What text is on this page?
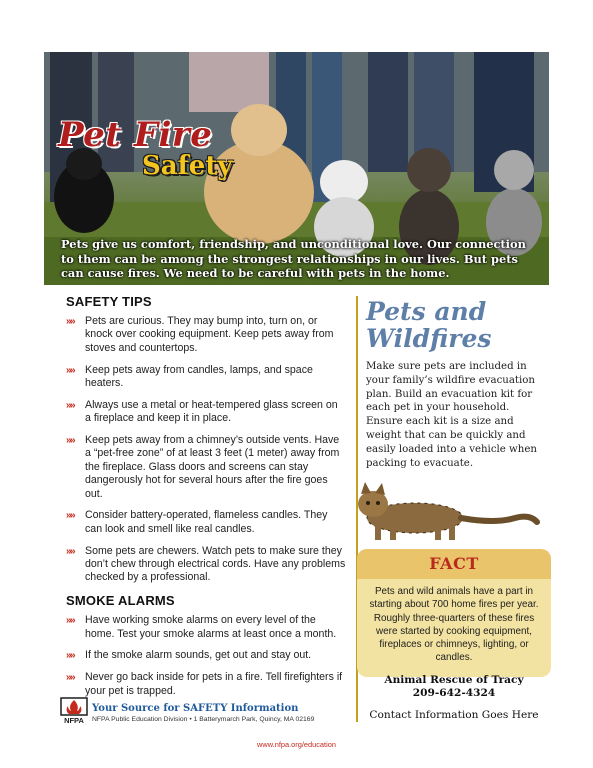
Pet Fire
Safety

Pets give us comfort, friendship, and unconditional love. Our connection to them can be among the strongest relationships in our lives. But pets can cause fires. We need to be careful with pets in the home.

SAFETY TIPS
»» Pets are curious. They may bump into, turn on, or knock over cooking equipment. Keep pets away from stoves and countertops.
»» Keep pets away from candles, lamps, and space heaters.
»» Always use a metal or heat-tempered glass screen on a fireplace and keep it in place.
»» Keep pets away from a chimney’s outside vents. Have a “pet-free zone” of at least 3 feet (1 meter) away from the fireplace. Glass doors and screens can stay dangerously hot for several hours after the fire goes out.
»» Consider battery-operated, flameless candles. They can look and smell like real candles.
»» Some pets are chewers. Watch pets to make sure they don’t chew through electrical cords. Have any problems checked by a professional.
SMOKE ALARMS
»» Have working smoke alarms on every level of the home. Test your smoke alarms at least once a month.
»» If the smoke alarm sounds, get out and stay out.
»» Never go back inside for pets in a fire. Tell firefighters if your pet is trapped.
Pets and
Wildfires

Make sure pets are included in your family’s wildfire evacuation plan. Build an evacuation kit for each pet in your household. Ensure each kit is a size and weight that can be quickly and easily loaded into a vehicle when packing to evacuate.

FACT

Pets and wild animals have a part in starting about 700 home fires per year. Roughly three-quarters of these fires were started by cooking equipment, fireplaces or chimneys, lighting, or candles.

Animal Rescue of Tracy
209-642-4324
Contact Information Goes Here
NFPA
Your Source for SAFETY Information
NFPA Public Education Division • 1 Batterymarch Park, Quincy, MA 02169
www.nfpa.org/education
